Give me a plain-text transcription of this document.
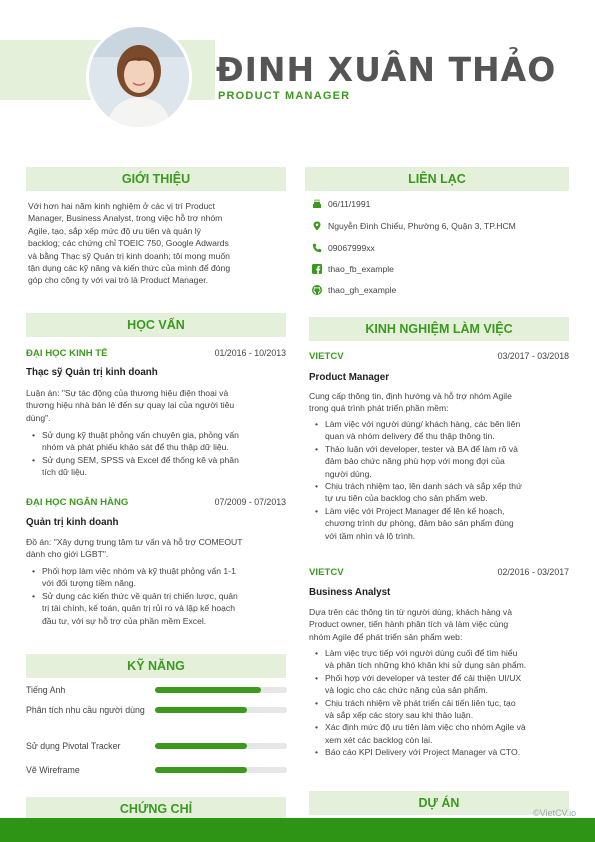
ĐINH XUÂN THẢO
PRODUCT MANAGER
GIỚI THIỆU
Với hơn hai năm kinh nghiệm ở các vị trí Product
Manager, Business Analyst, trong việc hỗ trợ nhóm
Agile, tạo, sắp xếp mức độ ưu tiên và quản lý
backlog; các chứng chỉ TOEIC 750, Google Adwards
và bằng Thạc sỹ Quản trị kinh doanh; tôi mong muốn
tận dụng các kỹ năng và kiến thức của mình để đóng
góp cho công ty với vai trò là Product Manager.
LIÊN LẠC
06/11/1991
Nguyễn Đình Chiểu, Phường 6, Quận 3, TP.HCM
09067999xx
thao_fb_example
thao_gh_example
HỌC VẤN
ĐẠI HỌC KINH TẾ	01/2016 - 10/2013
Thạc sỹ Quản trị kinh doanh
Luận án: "Sự tác động của thương hiệu điện thoại và
thương hiệu nhà bán lẻ đến sự quay lại của người tiêu
dùng".
• Sử dụng kỹ thuật phỏng vấn chuyên gia, phỏng vấn
nhóm và phát phiếu khảo sát để thu thập dữ liệu.
• Sử dụng SEM, SPSS và Excel để thống kê và phân
tích dữ liệu.
ĐẠI HỌC NGÂN HÀNG	07/2009 - 07/2013
Quản trị kinh doanh
Đồ án: "Xây dựng trung tâm tư vấn và hỗ trợ COMEOUT
dành cho giới LGBT".
• Phối hợp làm việc nhóm và kỹ thuật phỏng vấn 1-1
với đối tượng tiềm năng.
• Sử dụng các kiến thức về quản trị chiến lược, quản
trị tài chính, kế toán, quản trị rủi ro và lập kế hoạch
đầu tư, với sự hỗ trợ của phần mềm Excel.
KỸ NĂNG
Tiếng Anh
Phân tích nhu cầu người dùng
Sử dụng Pivotal Tracker
Vẽ Wireframe
CHỨNG CHỈ
KINH NGHIỆM LÀM VIỆC
VIETCV	03/2017 - 03/2018
Product Manager
Cung cấp thông tin, định hướng và hỗ trợ nhóm Agile
trong quá trình phát triển phần mềm:
• Làm việc với người dùng/ khách hàng, các bên liên
quan và nhóm delivery để thu thập thông tin.
• Thảo luận với developer, tester và BA để làm rõ và
đảm bảo chức năng phù hợp với mong đợi của
người dùng.
• Chịu trách nhiệm tạo, lên danh sách và sắp xếp thứ
tự ưu tiên của backlog cho sản phẩm web.
• Làm việc với Project Manager để lên kế hoạch,
chương trình dự phòng, đảm bảo sản phẩm đúng
với tầm nhìn và lộ trình.
VIETCV	02/2016 - 03/2017
Business Analyst
Dựa trên các thông tin từ người dùng, khách hàng và
Product owner, tiến hành phân tích và làm việc cùng
nhóm Agile để phát triển sản phẩm web:
• Làm việc trực tiếp với người dùng cuối để tìm hiểu
và phân tích những khó khăn khi sử dụng sản phẩm.
• Phối hợp với developer và tester để cải thiện UI/UX
và logic cho các chức năng của sản phẩm.
• Chịu trách nhiệm về phát triển cải tiến liên tục, tạo
và sắp xếp các story sau khi thảo luận.
• Xác định mức độ ưu tiên làm việc cho nhóm Agile và
xem xét các backlog còn lại.
• Báo cáo KPI Delivery với Project Manager và CTO.
DỰ ÁN
©VietCV.io
